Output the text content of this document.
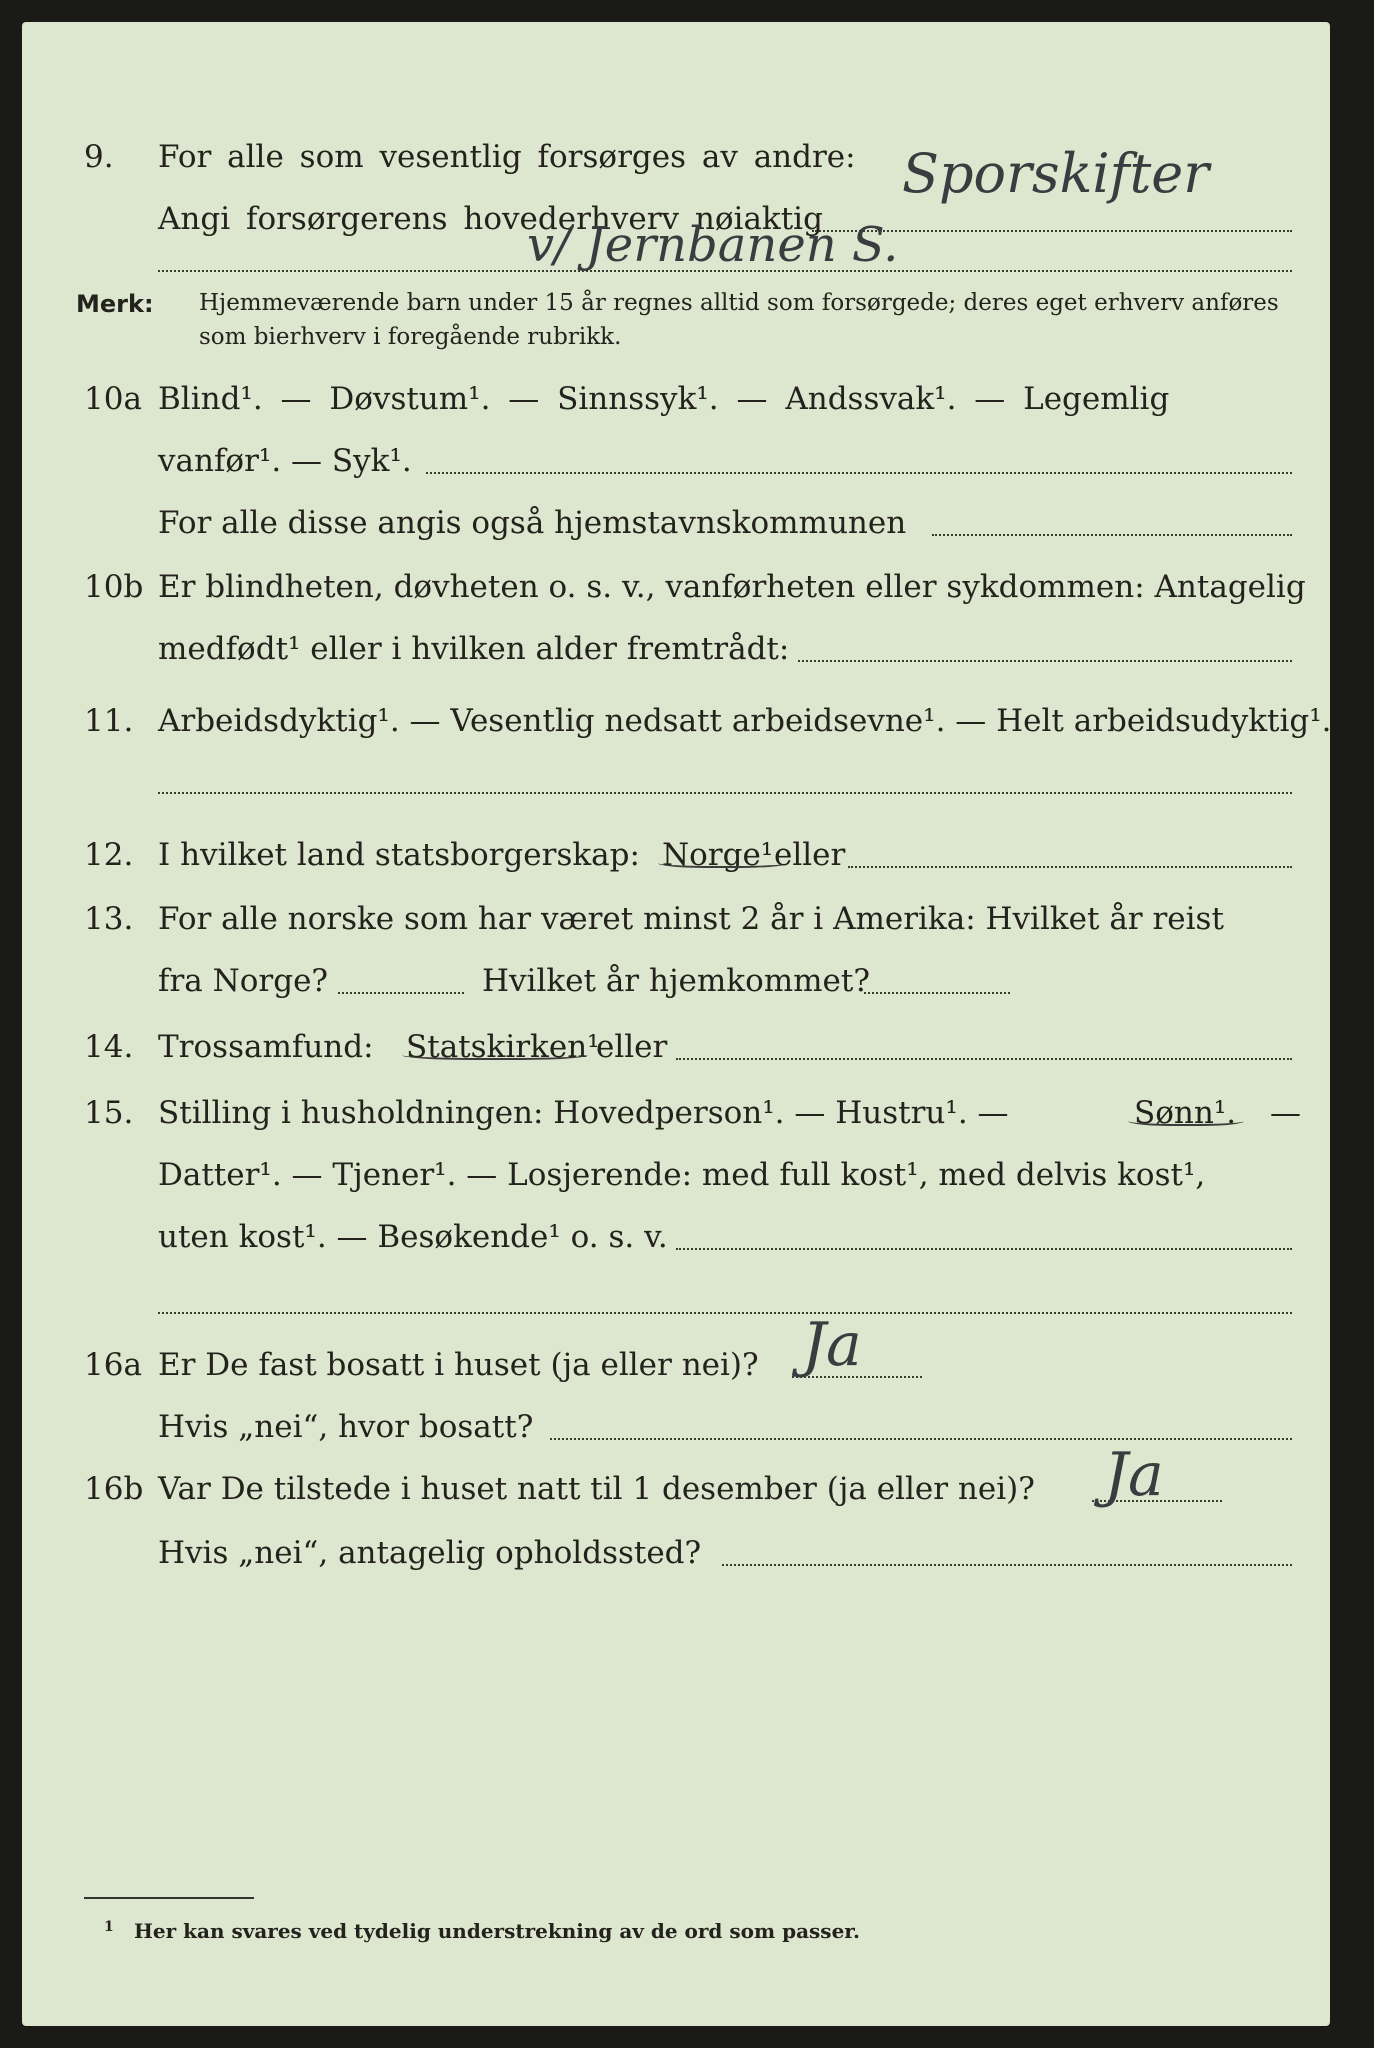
9. For alle som vesentlig forsørges av andre:
Angi forsørgerens hovederhverv nøiaktig
Sporskifter
v/ Jernbanen S.
Merk: Hjemmeværende barn under 15 år regnes alltid som forsørgede; deres eget erhverv anføres som bierhverv i foregående rubrikk.
10a Blind¹. — Døvstum¹. — Sinnssyk¹. — Andssvak¹. — Legemlig
vanfør¹. — Syk¹.
For alle disse angis også hjemstavnskommunen
10b Er blindheten, døvheten o. s. v., vanførheten eller sykdommen: Antagelig
medfødt¹ eller i hvilken alder fremtrådt:
11. Arbeidsdyktig¹. — Vesentlig nedsatt arbeidsevne¹. — Helt arbeidsudyktig¹.
12. I hvilket land statsborgerskap: Norge¹ eller
13. For alle norske som har været minst 2 år i Amerika: Hvilket år reist
fra Norge?	Hvilket år hjemkommet?
14. Trossamfund: Statskirken¹
eller
15. Stilling i husholdningen: Hovedperson¹. — Hustru¹. —	Sønn¹. —
Datter¹. — Tjener¹. — Losjerende: med full kost¹, med delvis kost¹,
uten kost¹. — Besøkende¹ o. s. v.
16a Er De fast bosatt i huset (ja eller nei)? Ja
Hvis „nei“, hvor bosatt?
16b Var De tilstede i huset natt til 1 desember (ja eller nei)? Ja
Hvis „nei“, antagelig opholdssted?
1 Her kan svares ved tydelig understrekning av de ord som passer.
